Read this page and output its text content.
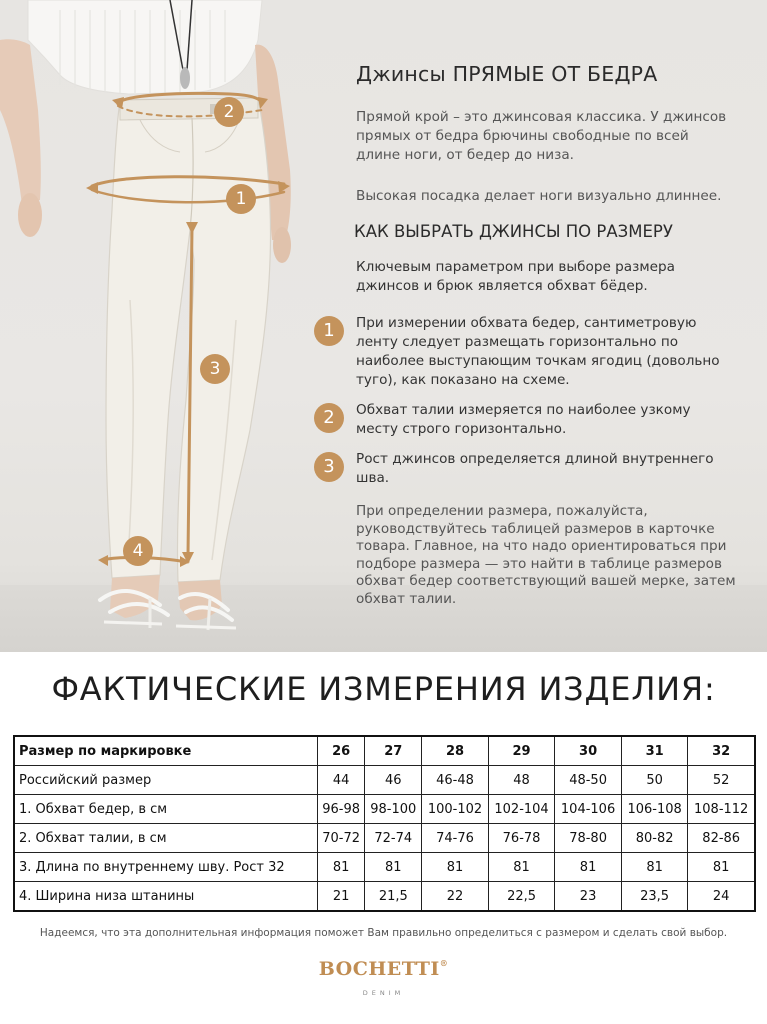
2
1
3
4
Джинсы ПРЯМЫЕ ОТ БЕДРА
Прямой крой – это джинсовая классика. У джинсов прямых от бедра брючины свободные по всей длине ноги, от бедер до низа.
Высокая посадка делает ноги визуально длиннее.
КАК ВЫБРАТЬ ДЖИНСЫ ПО РАЗМЕРУ
Ключевым параметром при выборе размера джинсов и брюк является обхват бёдер.
1	При измерении обхвата бедер, сантиметровую ленту следует размещать горизонтально по наиболее выступающим точкам ягодиц (довольно туго), как показано на схеме.
2	Обхват талии измеряется по наиболее узкому месту строго горизонтально.
3	Рост джинсов определяется длиной внутреннего шва.
При определении размера, пожалуйста, руководствуйтесь таблицей размеров в карточке товара. Главное, на что надо ориентироваться при подборе размера — это найти в таблице размеров обхват бедер соответствующий вашей мерке, затем обхват талии.
ФАКТИЧЕСКИЕ ИЗМЕРЕНИЯ ИЗДЕЛИЯ:
Размер по маркировке	26	27	28	29	30	31	32
Российский размер	44	46	46-48	48	48-50	50	52
1. Обхват бедер, в см	96-98	98-100	100-102	102-104	104-106	106-108	108-112
2. Обхват талии, в см	70-72	72-74	74-76	76-78	78-80	80-82	82-86
3. Длина по внутреннему шву. Рост 32	81	81	81	81	81	81	81
4. Ширина низа штанины	21	21,5	22	22,5	23	23,5	24
Надеемся, что эта дополнительная информация поможет Вам правильно определиться с размером и сделать свой выбор.
BOCHETTI®
DENIM
